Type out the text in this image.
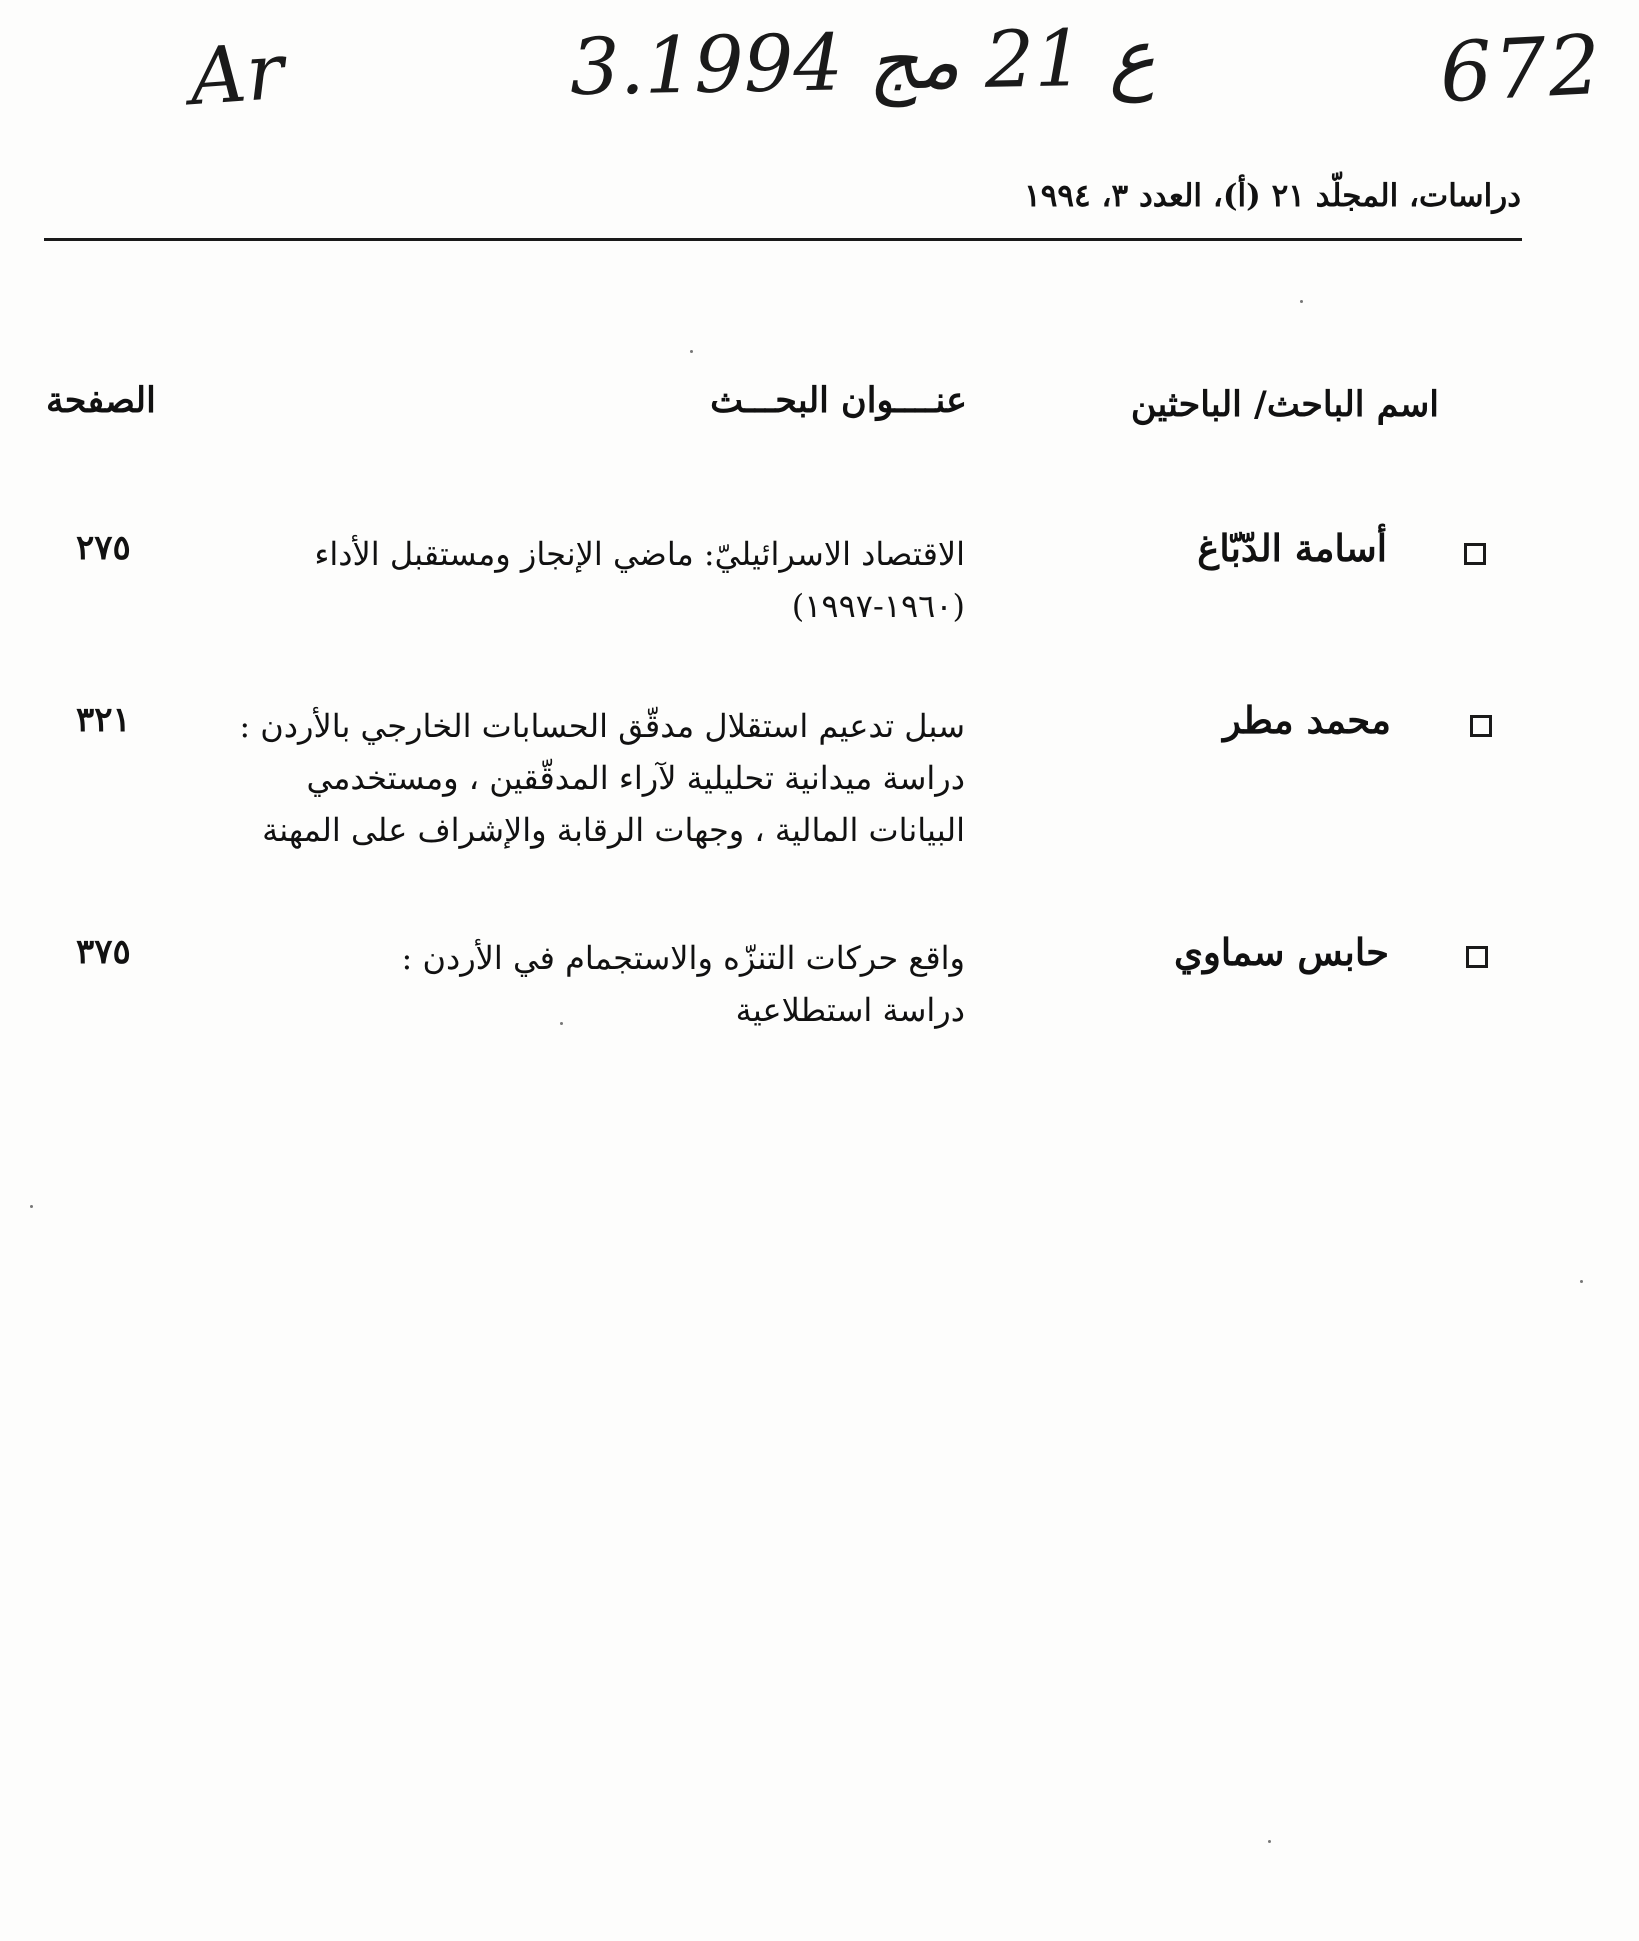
Ar	3.ع 21 مج 1994	672
دراسات، المجلّد ٢١ (أ)، العدد ٣، ١٩٩٤
اسم الباحث/ الباحثين
عنــــوان البحـــث
الصفحة
أسامة الدّبّاغ
الاقتصاد الاسرائيليّ: ماضي الإنجاز ومستقبل الأداء
(١٩٦٠-١٩٩٧)
٢٧٥
محمد مطر
سبل تدعيم استقلال مدقّق الحسابات الخارجي بالأردن :
دراسة ميدانية تحليلية لآراء المدقّقين ، ومستخدمي
البيانات المالية ، وجهات الرقابة والإشراف على المهنة
٣٢١
حابس سماوي
واقع حركات التنزّه والاستجمام في الأردن :
دراسة استطلاعية
٣٧٥
